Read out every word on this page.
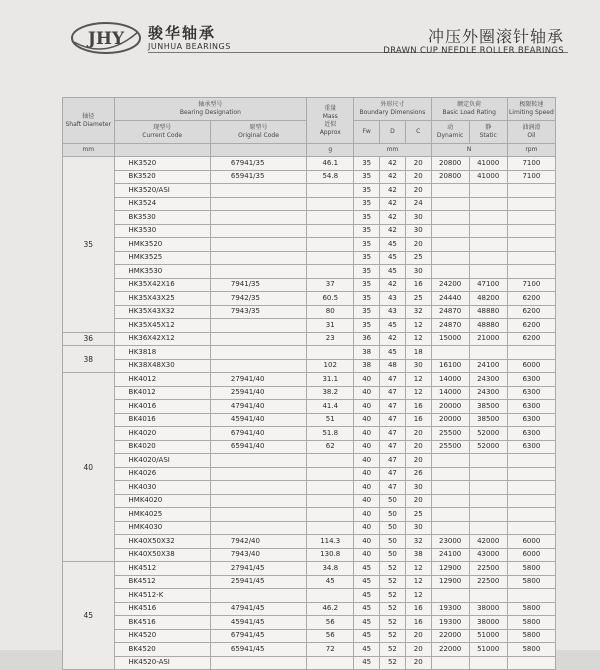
JHY 骏华轴承
JUNHUA BEARINGS
冲压外圈滚针轴承
DRAWN CUP NEEDLE ROLLER BEARINGS
轴径
Shaft Diameter	轴承型号
Bearing Designation		重量
Mass
近似
Approx	外形尺寸
Boundary Dimensions			额定负荷
Basic Load Rating		极限转速
Limiting Speed
	现型号
Current Code	原型号
Original Code		Fw	D	C	动
Dynamic	静
Static	油润滑
Oil
mm			g	mm			N		rpm
35	HK3520	67941/35	46.1	35	42	20	20800	41000	7100
	BK3520	65941/35	54.8	35	42	20	20800	41000	7100
	HK3520/ASI			35	42	20			
	HK3524			35	42	24			
	BK3530			35	42	30			
	HK3530			35	42	30			
	HMK3520			35	45	20			
	HMK3525			35	45	25			
	HMK3530			35	45	30			
	HK35X42X16	7941/35	37	35	42	16	24200	47100	7100
	HK35X43X25	7942/35	60.5	35	43	25	24440	48200	6200
	HK35X43X32	7943/35	80	35	43	32	24870	48880	6200
	HK35X45X12		31	35	45	12	24870	48880	6200
36	HK36X42X12		23	36	42	12	15000	21000	6200
38	HK3818			38	45	18			
	HK38X48X30		102	38	48	30	16100	24100	6000
40	HK4012	27941/40	31.1	40	47	12	14000	24300	6300
	BK4012	25941/40	38.2	40	47	12	14000	24300	6300
	HK4016	47941/40	41.4	40	47	16	20000	38500	6300
	BK4016	45941/40	51	40	47	16	20000	38500	6300
	HK4020	67941/40	51.8	40	47	20	25500	52000	6300
	BK4020	65941/40	62	40	47	20	25500	52000	6300
	HK4020/ASI			40	47	20			
	HK4026			40	47	26			
	HK4030			40	47	30			
	HMK4020			40	50	20			
	HMK4025			40	50	25			
	HMK4030			40	50	30			
	HK40X50X32	7942/40	114.3	40	50	32	23000	42000	6000
	HK40X50X38	7943/40	130.8	40	50	38	24100	43000	6000
45	HK4512	27941/45	34.8	45	52	12	12900	22500	5800
	BK4512	25941/45	45	45	52	12	12900	22500	5800
	HK4512-K			45	52	12			
	HK4516	47941/45	46.2	45	52	16	19300	38000	5800
	BK4516	45941/45	56	45	52	16	19300	38000	5800
	HK4520	67941/45	56	45	52	20	22000	51000	5800
	BK4520	65941/45	72	45	52	20	22000	51000	5800
	HK4520-ASI			45	52	20			
